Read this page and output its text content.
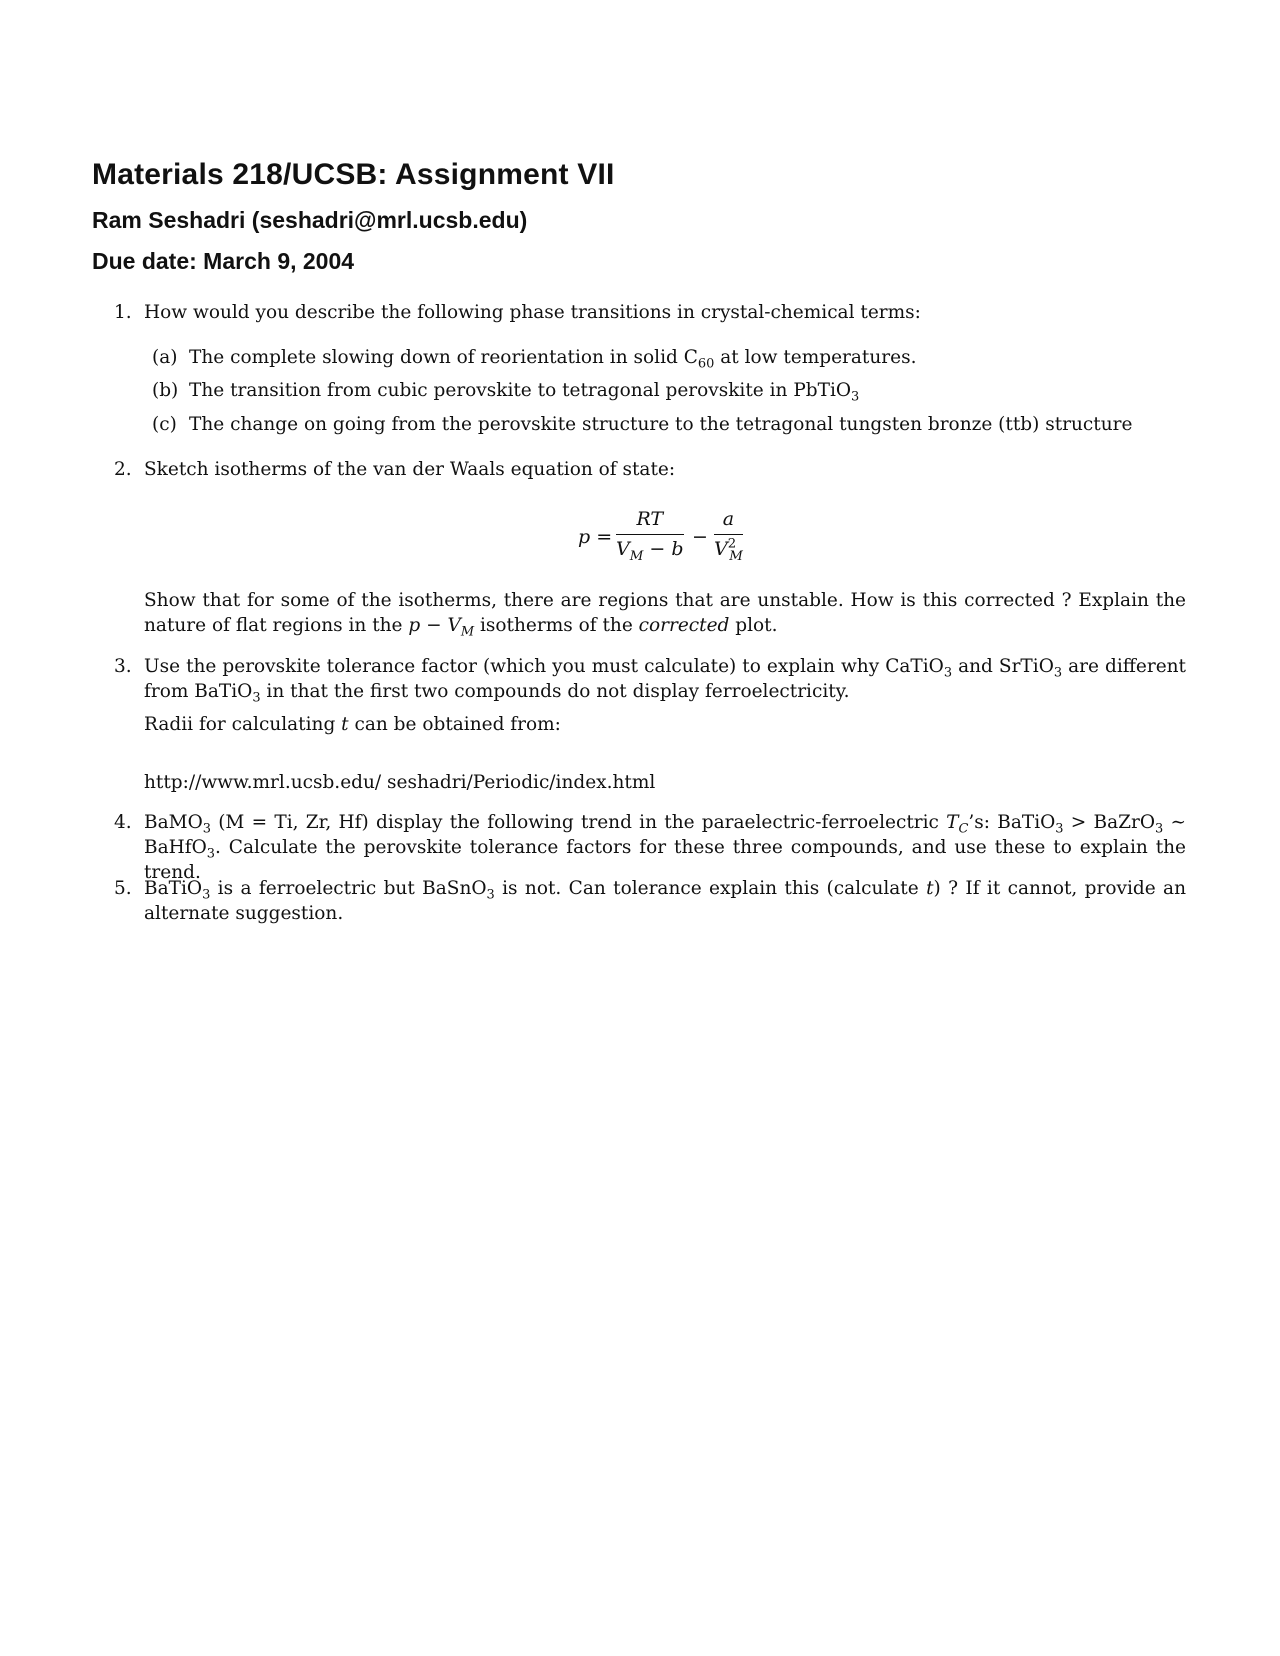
Materials 218/UCSB: Assignment VII
Ram Seshadri (seshadri@mrl.ucsb.edu)
Due date: March 9, 2004
1. How would you describe the following phase transitions in crystal-chemical terms:
(a) The complete slowing down of reorientation in solid $C_{60}$ at low temperatures.
(b) The transition from cubic perovskite to tetragonal perovskite in PbTiO$_3$
(c) The change on going from the perovskite structure to the tetragonal tungsten bronze (ttb) structure
2. Sketch isotherms of the van der Waals equation of state:
$p = \frac{RT}{V_M - b} - \frac{a}{V^2_M}$
Show that for some of the isotherms, there are regions that are unstable. How is this corrected ? Explain the nature of flat regions in the $p - V_M$ isotherms of the corrected plot.
3. Use the perovskite tolerance factor (which you must calculate) to explain why CaTiO$_3$ and SrTiO$_3$ are different from BaTiO$_3$ in that the first two compounds do not display ferroelectricity.
Radii for calculating t can be obtained from:
http://www.mrl.ucsb.edu/ seshadri/Periodic/index.html
4. BaMO$_3$ (M = Ti, Zr, Hf) display the following trend in the paraelectric-ferroelectric $T_C’s$: BaTiO$_3$ > BaZrO$_3$ ∼ BaHfO$_3$. Calculate the perovskite tolerance factors for these three compounds, and use these to explain the trend.
5. BaTiO$_3$ is a ferroelectric but BaSnO$_3$ is not. Can tolerance explain this (calculate t) ? If it cannot, provide an alternate suggestion.
